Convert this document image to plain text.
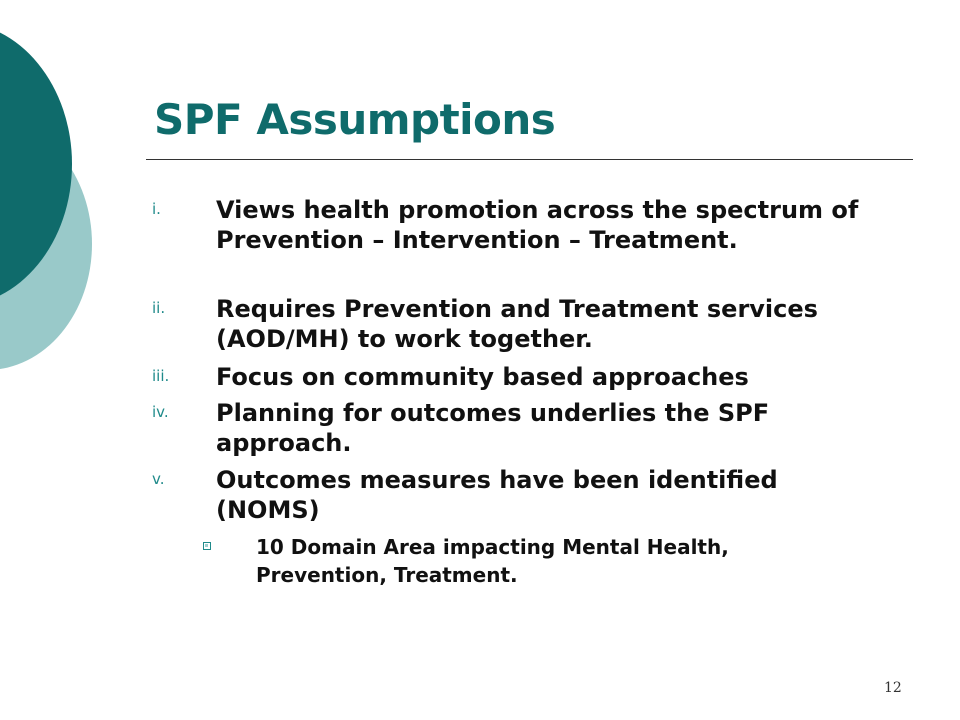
SPF Assumptions
i.	Views health promotion across the spectrum of Prevention – Intervention – Treatment.
ii.	Requires Prevention and Treatment services (AOD/MH) to work together.
iii.	Focus on community based approaches
iv.	Planning for outcomes underlies the SPF approach.
v.	Outcomes measures have been identified (NOMS)
10 Domain Area impacting Mental Health, Prevention, Treatment.
12
